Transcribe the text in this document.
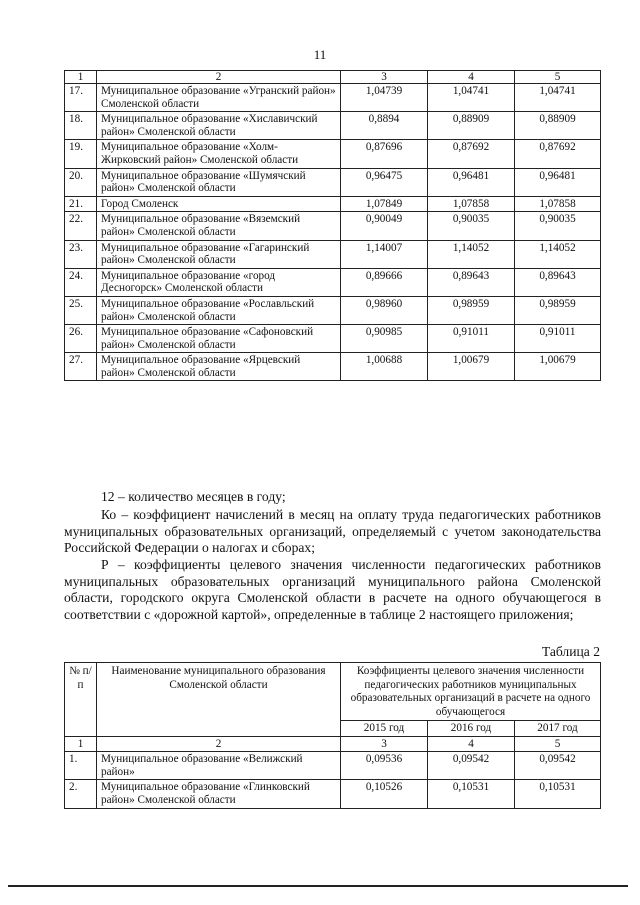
11
1	2	3	4	5
17.	Муниципальное образование «Угранский район» Смоленской области	1,04739	1,04741	1,04741
18.	Муниципальное образование «Хиславичский район» Смоленской области	0,8894	0,88909	0,88909
19.	Муниципальное образование «Холм-Жирковский район» Смоленской области	0,87696	0,87692	0,87692
20.	Муниципальное образование «Шумячский район» Смоленской области	0,96475	0,96481	0,96481
21.	Город Смоленск	1,07849	1,07858	1,07858
22.	Муниципальное образование «Вяземский район» Смоленской области	0,90049	0,90035	0,90035
23.	Муниципальное образование «Гагаринский район» Смоленской области	1,14007	1,14052	1,14052
24.	Муниципальное образование «город Десногорск» Смоленской области	0,89666	0,89643	0,89643
25.	Муниципальное образование «Рославльский район» Смоленской области	0,98960	0,98959	0,98959
26.	Муниципальное образование «Сафоновский район» Смоленской области	0,90985	0,91011	0,91011
27.	Муниципальное образование «Ярцевский район» Смоленской области	1,00688	1,00679	1,00679

12 – количество месяцев в году;

Ко – коэффициент начислений в месяц на оплату труда педагогических работников муниципальных образовательных организаций, определяемый с учетом законодательства Российской Федерации о налогах и сборах;

Р – коэффициенты целевого значения численности педагогических работников муниципальных образовательных организаций муниципального района Смоленской области, городского округа Смоленской области в расчете на одного обучающегося в соответствии с «дорожной картой», определенные в таблице 2 настоящего приложения;

Таблица 2
№ п/п	Наименование муниципального образования Смоленской области	Коэффициенты целевого значения численности педагогических работников муниципальных образовательных организаций в расчете на одного обучающегося		
		2015 год	2016 год	2017 год
1	2	3	4	5
1.	Муниципальное образование «Велижский район»	0,09536	0,09542	0,09542
2.	Муниципальное образование «Глинковский район» Смоленской области	0,10526	0,10531	0,10531
